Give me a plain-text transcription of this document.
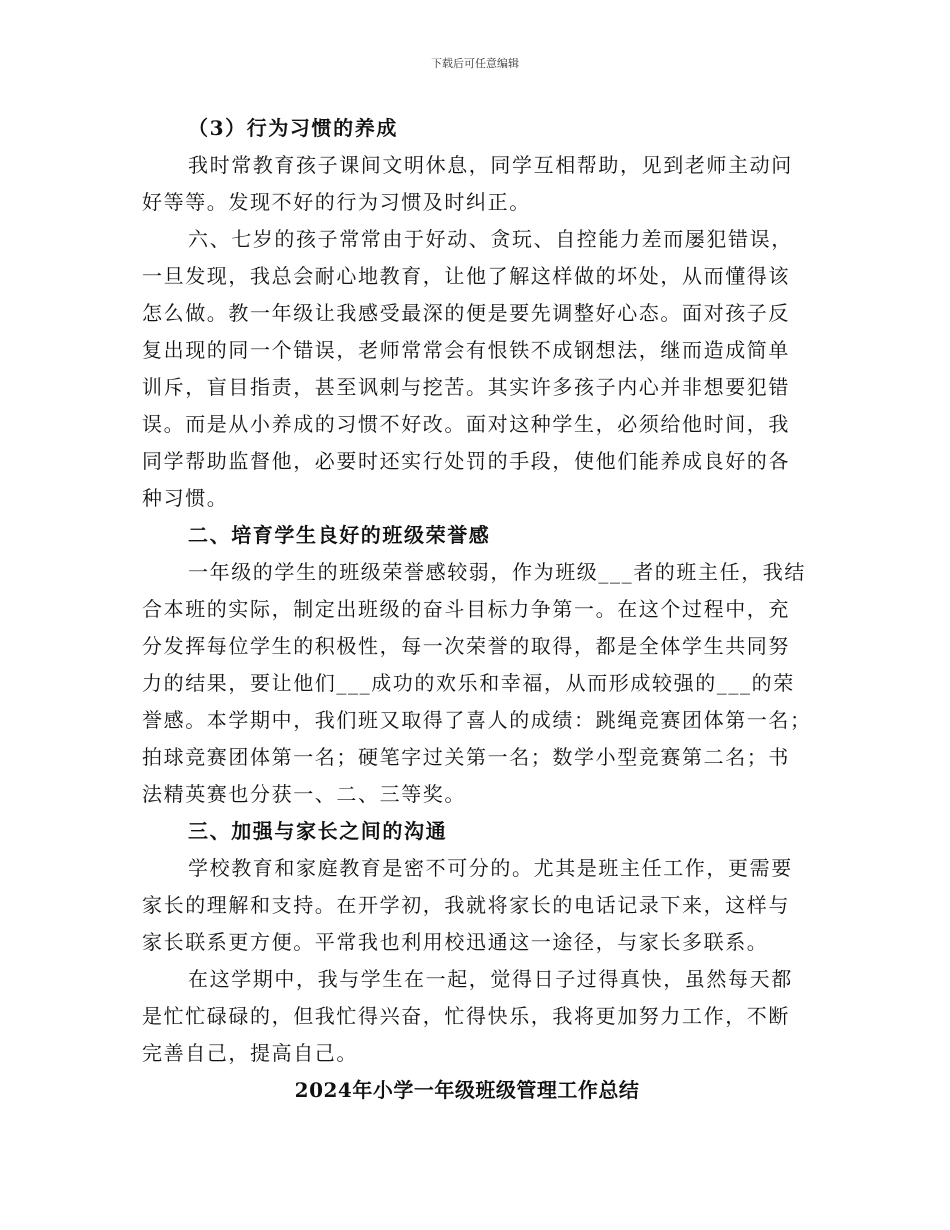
下载后可任意编辑
（3）行为习惯的养成
我时常教育孩子课间文明休息，同学互相帮助，见到老师主动问
好等等。发现不好的行为习惯及时纠正。
六、七岁的孩子常常由于好动、贪玩、自控能力差而屡犯错误，
一旦发现，我总会耐心地教育，让他了解这样做的坏处，从而懂得该
怎么做。教一年级让我感受最深的便是要先调整好心态。面对孩子反
复出现的同一个错误，老师常常会有恨铁不成钢想法，继而造成简单
训斥，盲目指责，甚至讽刺与挖苦。其实许多孩子内心并非想要犯错
误。而是从小养成的习惯不好改。面对这种学生，必须给他时间，我
同学帮助监督他，必要时还实行处罚的手段，使他们能养成良好的各
种习惯。
二、培育学生良好的班级荣誉感
一年级的学生的班级荣誉感较弱，作为班级___者的班主任，我结
合本班的实际，制定出班级的奋斗目标力争第一。在这个过程中，充
分发挥每位学生的积极性，每一次荣誉的取得，都是全体学生共同努
力的结果，要让他们___成功的欢乐和幸福，从而形成较强的___的荣
誉感。本学期中，我们班又取得了喜人的成绩：跳绳竞赛团体第一名；
拍球竞赛团体第一名；硬笔字过关第一名；数学小型竞赛第二名；书
法精英赛也分获一、二、三等奖。
三、加强与家长之间的沟通
学校教育和家庭教育是密不可分的。尤其是班主任工作，更需要
家长的理解和支持。在开学初，我就将家长的电话记录下来，这样与
家长联系更方便。平常我也利用校迅通这一途径，与家长多联系。
在这学期中，我与学生在一起，觉得日子过得真快，虽然每天都
是忙忙碌碌的，但我忙得兴奋，忙得快乐，我将更加努力工作，不断
完善自己，提高自己。
2024年小学一年级班级管理工作总结
